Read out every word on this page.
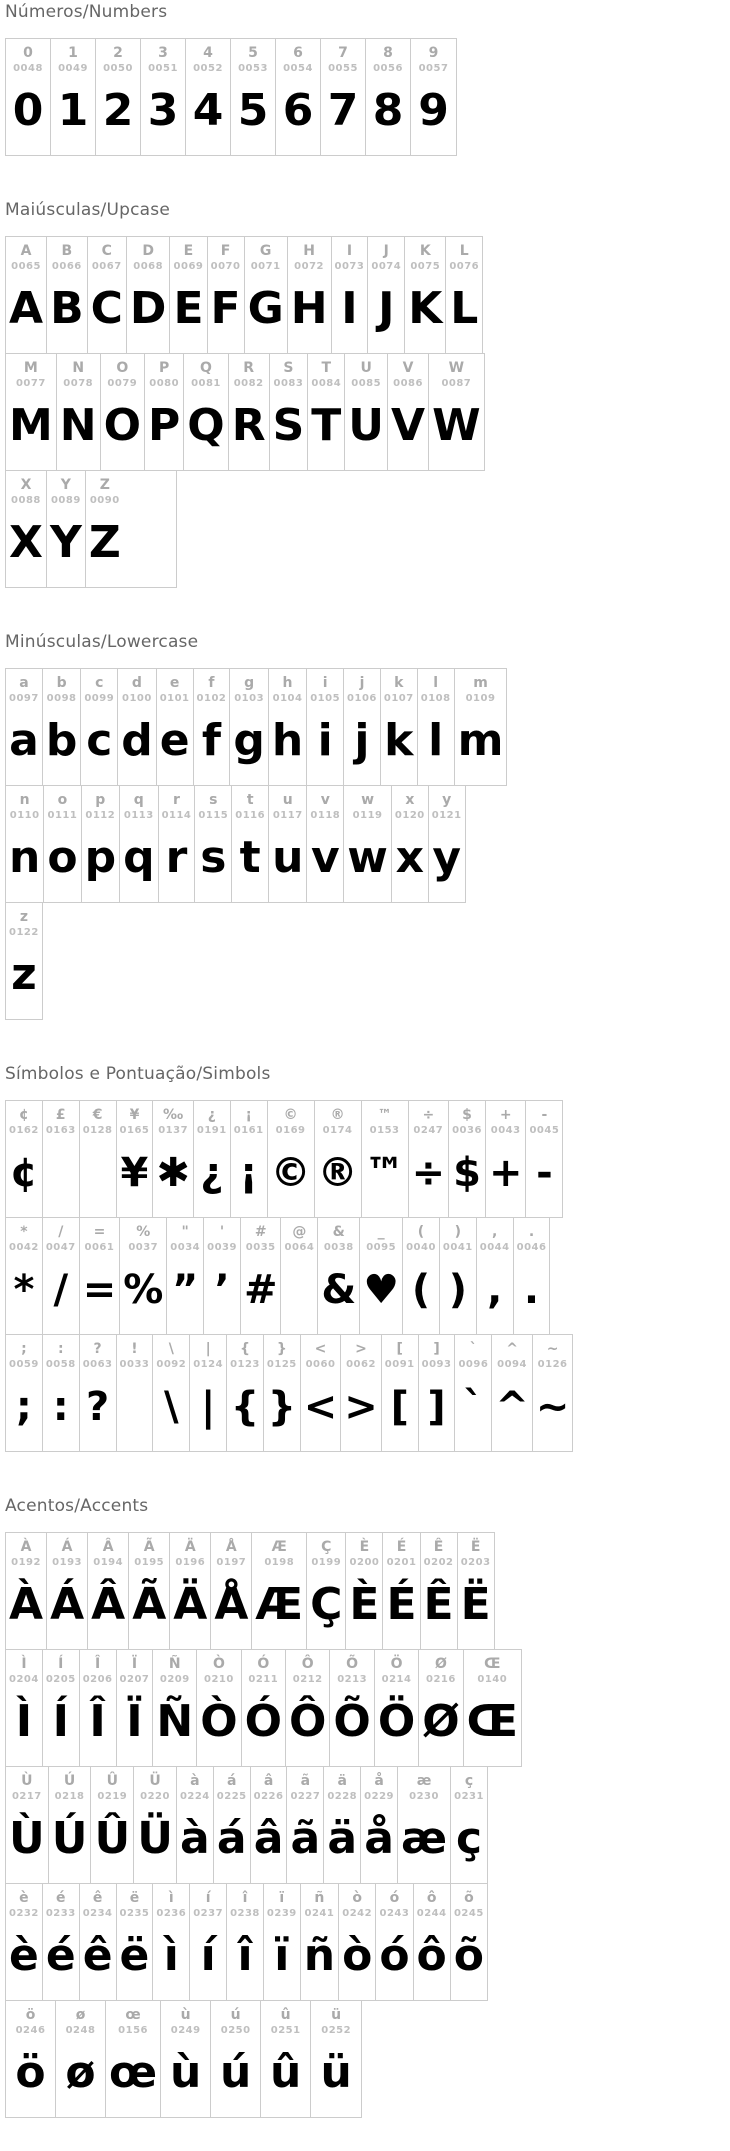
Números/Numbers
0
0048
0
1
0049
1
2
0050
2
3
0051
3
4
0052
4
5
0053
5
6
0054
6
7
0055
7
8
0056
8
9
0057
9
Maiúsculas/Upcase
A
0065
A
B
0066
B
C
0067
C
D
0068
D
E
0069
E
F
0070
F
G
0071
G
H
0072
H
I
0073
I
J
0074
J
K
0075
K
L
0076
L
M
0077
M
N
0078
N
O
0079
O
P
0080
P
Q
0081
Q
R
0082
R
S
0083
S
T
0084
T
U
0085
U
V
0086
V
W
0087
W
X
0088
X
Y
0089
Y
Z
0090
Z
Minúsculas/Lowercase
a
0097
a
b
0098
b
c
0099
c
d
0100
d
e
0101
e
f
0102
f
g
0103
g
h
0104
h
i
0105
i
j
0106
j
k
0107
k
l
0108
l
m
0109
m
n
0110
n
o
0111
o
p
0112
p
q
0113
q
r
0114
r
s
0115
s
t
0116
t
u
0117
u
v
0118
v
w
0119
w
x
0120
x
y
0121
y
z
0122
z
Símbolos e Pontuação/Simbols
¢
0162
¢
£
0163
€
0128
¥
0165
¥
‰
0137
✱
¿
0191
¿
¡
0161
¡
©
0169
©
®
0174
®
™
0153
™
÷
0247
÷
$
0036
$
+
0043
+
-
0045
-
*
0042
*
/
0047
/
=
0061
=
%
0037
%
"
0034
”
'
0039
’
#
0035
#
@
0064
&
0038
&
_
0095
♥
(
0040
(
)
0041
)
,
0044
,
.
0046
.
;
0059
;
:
0058
:
?
0063
?
!
0033
\
0092
\
|
0124
|
{
0123
{
}
0125
}
<
0060
<
>
0062
>
[
0091
[
]
0093
]
`
0096
`
^
0094
^
~
0126
~
Acentos/Accents
À
0192
À
Á
0193
Á
Â
0194
Â
Ã
0195
Ã
Ä
0196
Ä
Å
0197
Å
Æ
0198
Æ
Ç
0199
Ç
È
0200
È
É
0201
É
Ê
0202
Ê
Ë
0203
Ë
Ì
0204
Ì
Í
0205
Í
Î
0206
Î
Ï
0207
Ï
Ñ
0209
Ñ
Ò
0210
Ò
Ó
0211
Ó
Ô
0212
Ô
Õ
0213
Õ
Ö
0214
Ö
Ø
0216
Ø
Œ
0140
Œ
Ù
0217
Ù
Ú
0218
Ú
Û
0219
Û
Ü
0220
Ü
à
0224
à
á
0225
á
â
0226
â
ã
0227
ã
ä
0228
ä
å
0229
å
æ
0230
æ
ç
0231
ç
è
0232
è
é
0233
é
ê
0234
ê
ë
0235
ë
ì
0236
ì
í
0237
í
î
0238
î
ï
0239
ï
ñ
0241
ñ
ò
0242
ò
ó
0243
ó
ô
0244
ô
õ
0245
õ
ö
0246
ö
ø
0248
ø
œ
0156
œ
ù
0249
ù
ú
0250
ú
û
0251
û
ü
0252
ü
